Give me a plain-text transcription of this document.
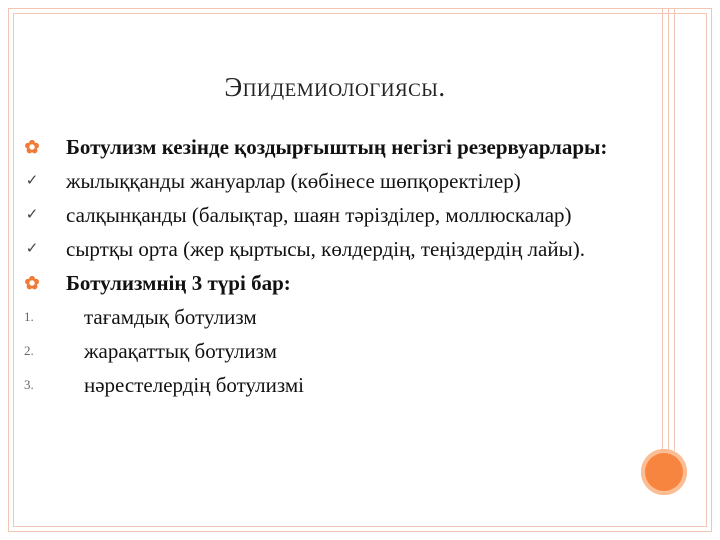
Эпидемиологиясы.
✿ Ботулизм кезінде қоздырғыштың негізгі резервуарлары:
✓ жылыққанды жануарлар (көбінесе шөпқоректілер)
✓ салқынқанды (балықтар, шаян тәрізділер, моллюскалар)
✓ сыртқы орта (жер қыртысы, көлдердің, теңіздердің лайы).
✿ Ботулизмнің 3 түрі бар:
1.	тағамдық ботулизм
2.	жарақаттық ботулизм
3.	нәрестелердің ботулизмі
